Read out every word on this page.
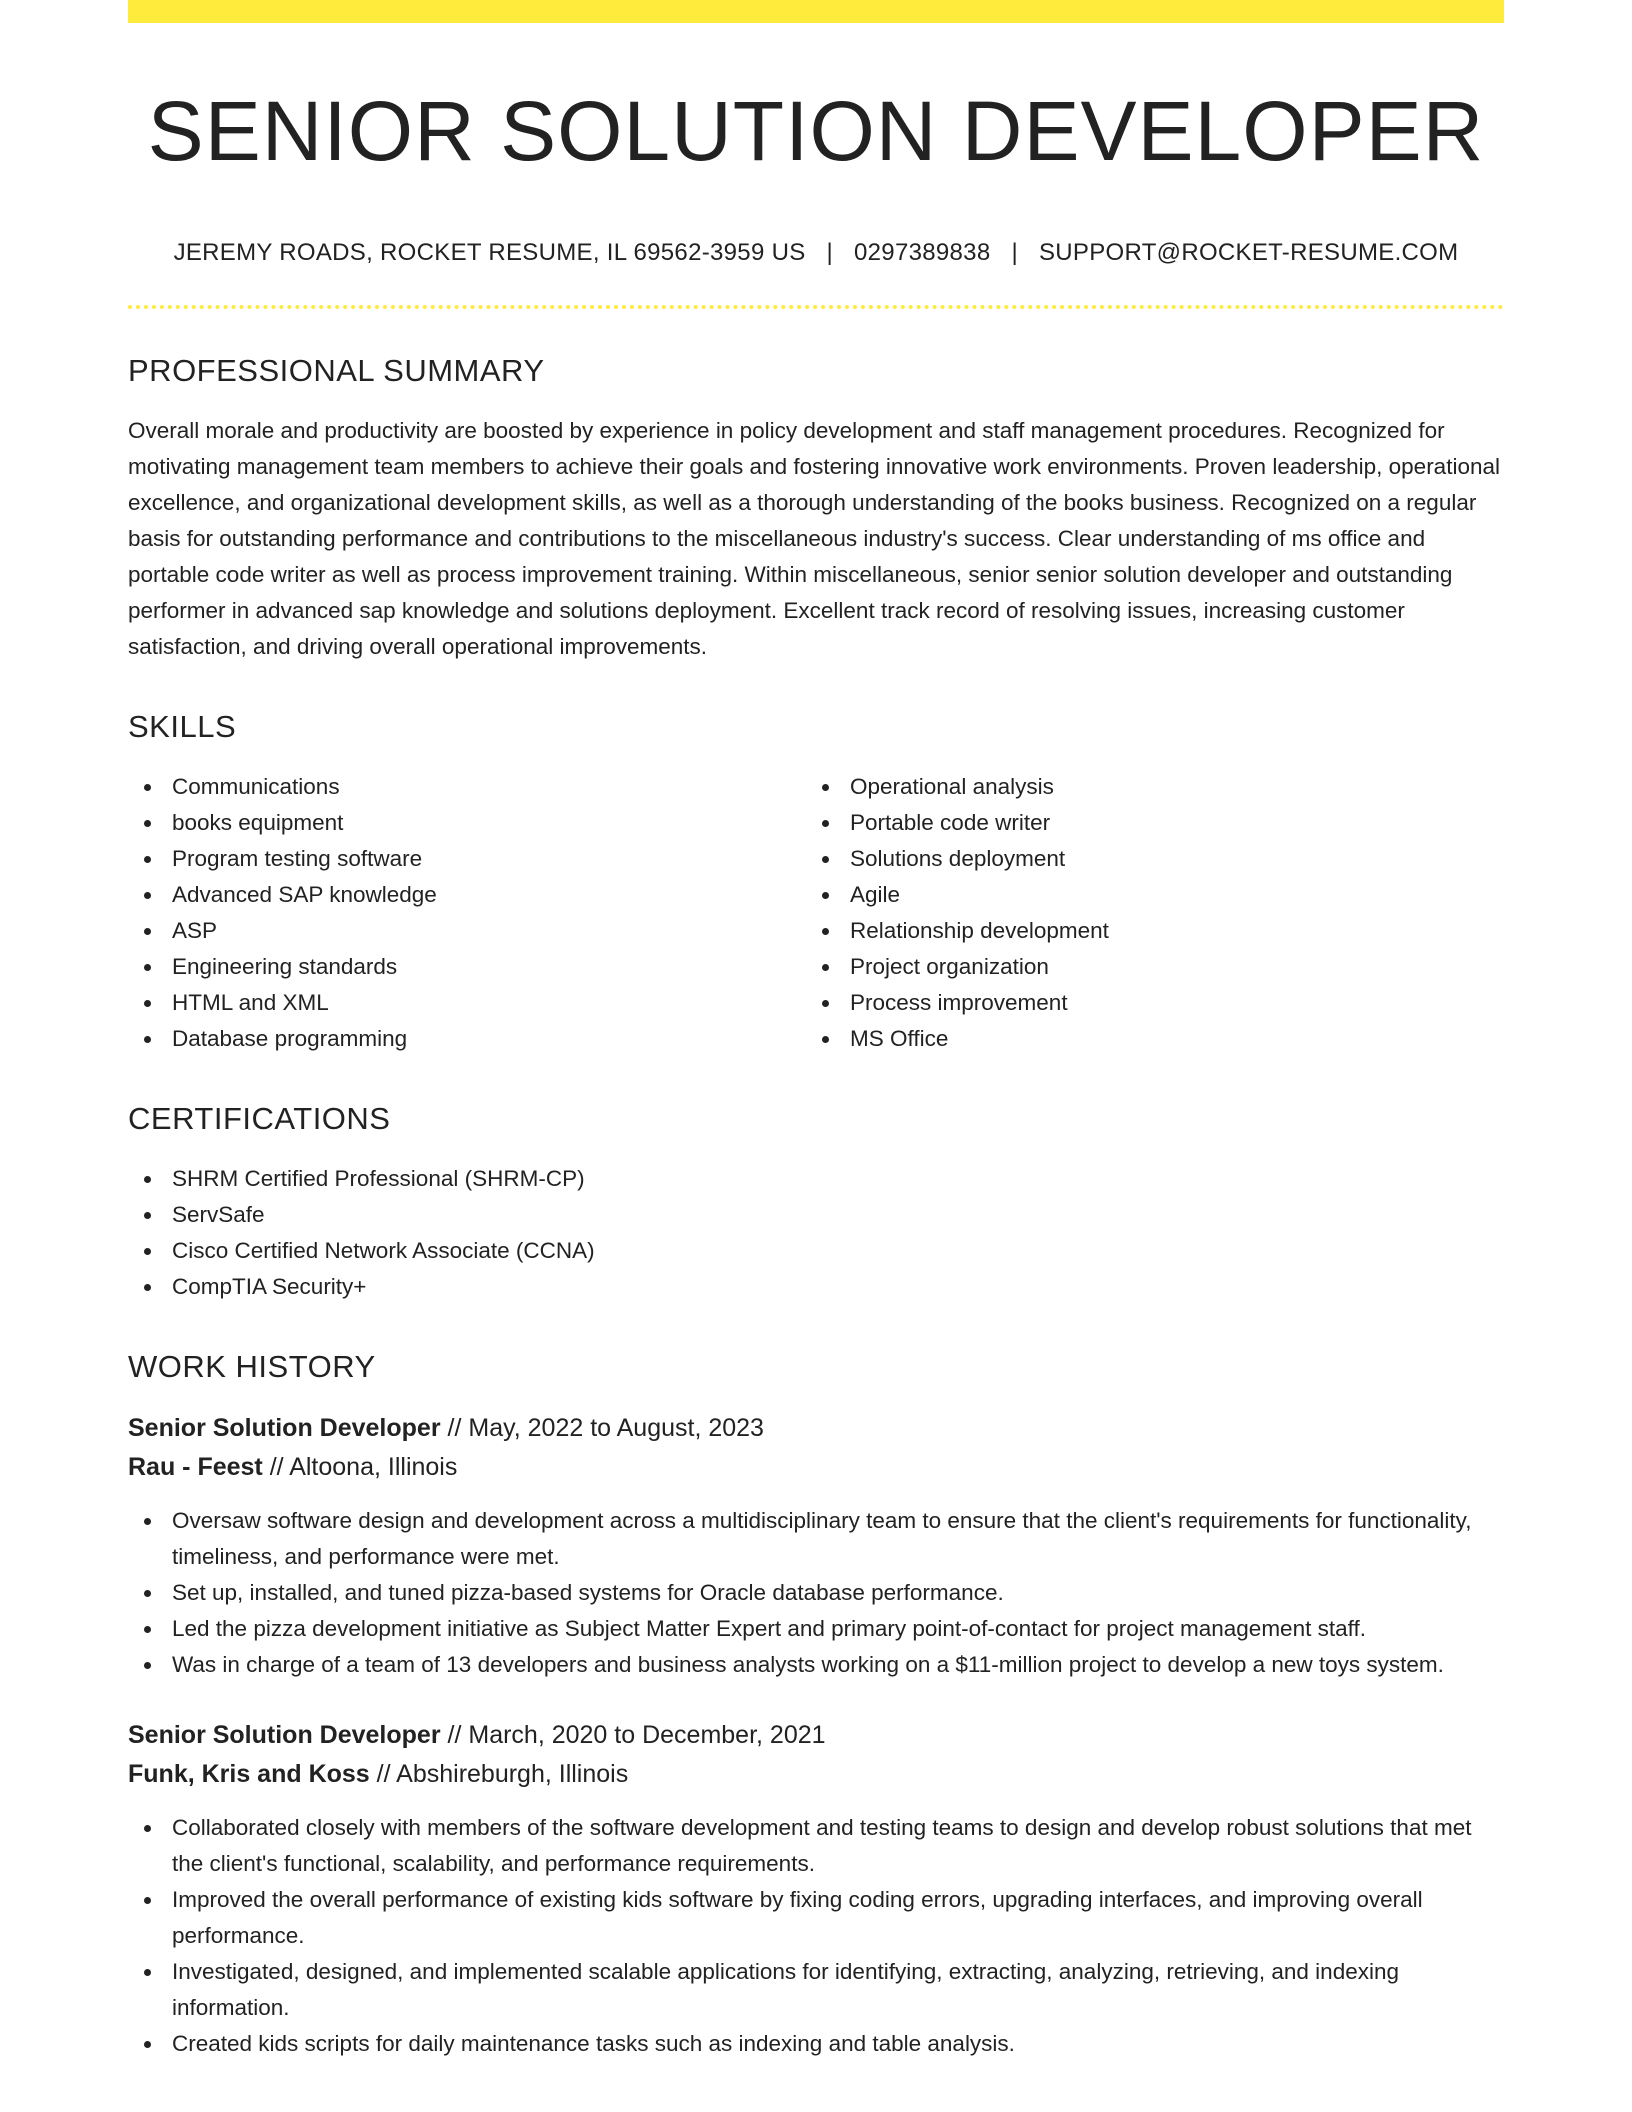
SENIOR SOLUTION DEVELOPER
JEREMY ROADS, ROCKET RESUME, IL 69562-3959 US | 0297389838 | SUPPORT@ROCKET-RESUME.COM
PROFESSIONAL SUMMARY
Overall morale and productivity are boosted by experience in policy development and staff management procedures. Recognized for motivating management team members to achieve their goals and fostering innovative work environments. Proven leadership, operational excellence, and organizational development skills, as well as a thorough understanding of the books business. Recognized on a regular basis for outstanding performance and contributions to the miscellaneous industry's success. Clear understanding of ms office and portable code writer as well as process improvement training. Within miscellaneous, senior senior solution developer and outstanding performer in advanced sap knowledge and solutions deployment. Excellent track record of resolving issues, increasing customer satisfaction, and driving overall operational improvements.
SKILLS
Communications
books equipment
Program testing software
Advanced SAP knowledge
ASP
Engineering standards
HTML and XML
Database programming
Operational analysis
Portable code writer
Solutions deployment
Agile
Relationship development
Project organization
Process improvement
MS Office
CERTIFICATIONS
SHRM Certified Professional (SHRM-CP)
ServSafe
Cisco Certified Network Associate (CCNA)
CompTIA Security+
WORK HISTORY
Senior Solution Developer // May, 2022 to August, 2023
Rau - Feest // Altoona, Illinois
Oversaw software design and development across a multidisciplinary team to ensure that the client's requirements for functionality, timeliness, and performance were met.
Set up, installed, and tuned pizza-based systems for Oracle database performance.
Led the pizza development initiative as Subject Matter Expert and primary point-of-contact for project management staff.
Was in charge of a team of 13 developers and business analysts working on a $11-million project to develop a new toys system.
Senior Solution Developer // March, 2020 to December, 2021
Funk, Kris and Koss // Abshireburgh, Illinois
Collaborated closely with members of the software development and testing teams to design and develop robust solutions that met the client's functional, scalability, and performance requirements.
Improved the overall performance of existing kids software by fixing coding errors, upgrading interfaces, and improving overall performance.
Investigated, designed, and implemented scalable applications for identifying, extracting, analyzing, retrieving, and indexing information.
Created kids scripts for daily maintenance tasks such as indexing and table analysis.
